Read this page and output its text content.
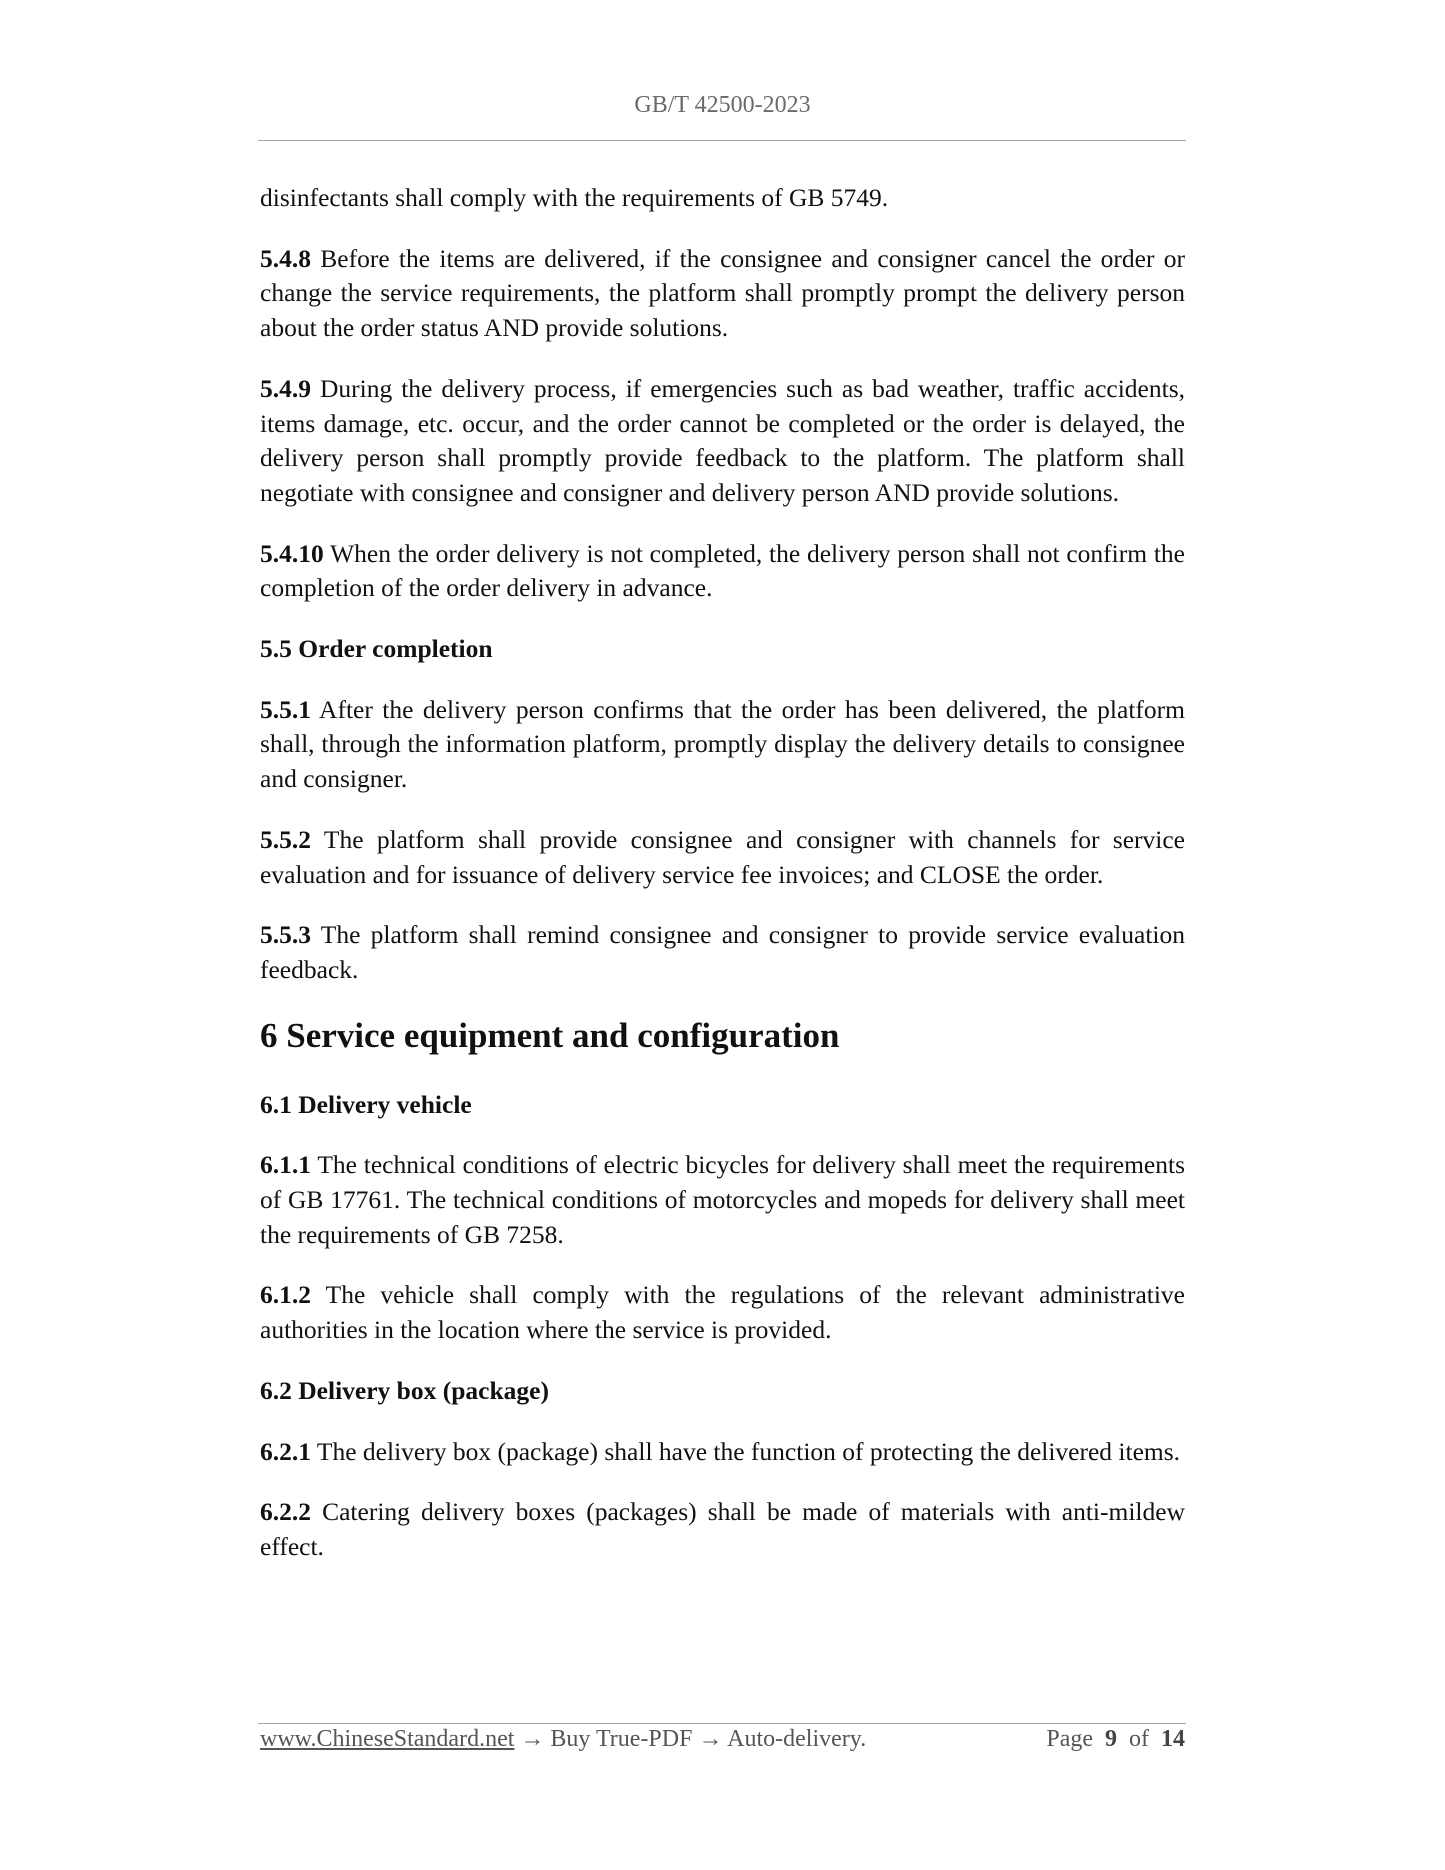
GB/T 42500-2023

disinfectants shall comply with the requirements of GB 5749.

5.4.8 Before the items are delivered, if the consignee and consigner cancel the order or change the service requirements, the platform shall promptly prompt the delivery person about the order status AND provide solutions.

5.4.9 During the delivery process, if emergencies such as bad weather, traffic accidents, items damage, etc. occur, and the order cannot be completed or the order is delayed, the delivery person shall promptly provide feedback to the platform. The platform shall negotiate with consignee and consigner and delivery person AND provide solutions.

5.4.10 When the order delivery is not completed, the delivery person shall not confirm the completion of the order delivery in advance.

5.5 Order completion

5.5.1 After the delivery person confirms that the order has been delivered, the platform shall, through the information platform, promptly display the delivery details to consignee and consigner.

5.5.2 The platform shall provide consignee and consigner with channels for service evaluation and for issuance of delivery service fee invoices; and CLOSE the order.

5.5.3 The platform shall remind consignee and consigner to provide service evaluation feedback.

6 Service equipment and configuration
6.1 Delivery vehicle

6.1.1 The technical conditions of electric bicycles for delivery shall meet the requirements of GB 17761. The technical conditions of motorcycles and mopeds for delivery shall meet the requirements of GB 7258.

6.1.2 The vehicle shall comply with the regulations of the relevant administrative authorities in the location where the service is provided.

6.2 Delivery box (package)

6.2.1 The delivery box (package) shall have the function of protecting the delivered items.

6.2.2 Catering delivery boxes (packages) shall be made of materials with anti-mildew effect.

www.ChineseStandard.net → Buy True-PDF → Auto-delivery.	Page 9 of 14
